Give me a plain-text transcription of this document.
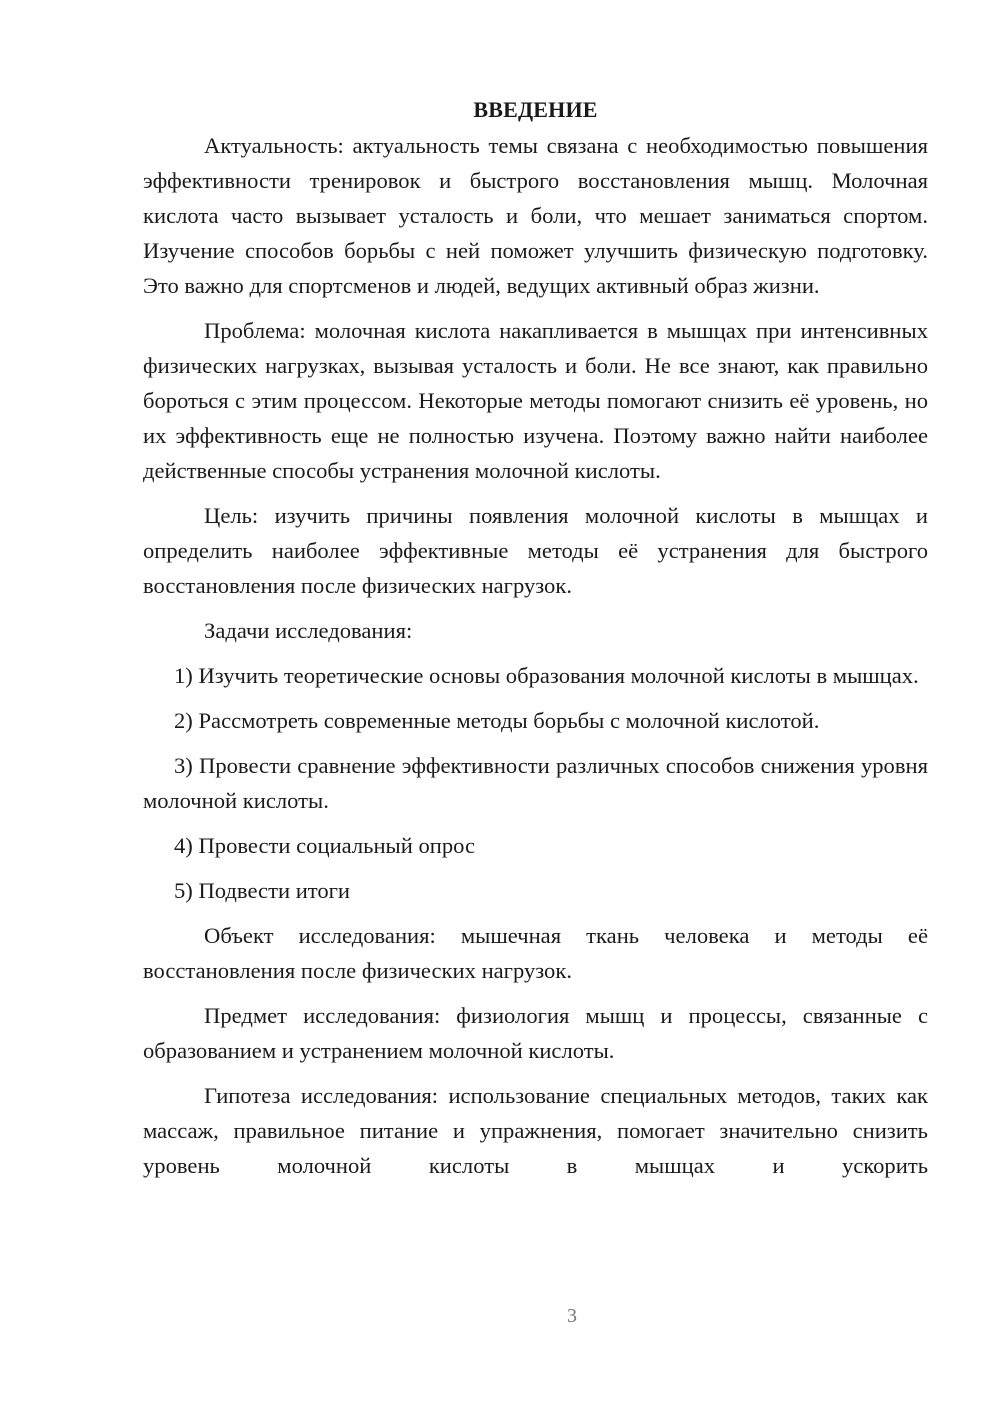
ВВЕДЕНИЕ

Актуальность: актуальность темы связана с необходимостью повышения эффективности тренировок и быстрого восстановления мышц. Молочная кислота часто вызывает усталость и боли, что мешает заниматься спортом. Изучение способов борьбы с ней поможет улучшить физическую подготовку. Это важно для спортсменов и людей, ведущих активный образ жизни.

Проблема: молочная кислота накапливается в мышцах при интенсивных физических нагрузках, вызывая усталость и боли. Не все знают, как правильно бороться с этим процессом. Некоторые методы помогают снизить её уровень, но их эффективность еще не полностью изучена. Поэтому важно найти наиболее действенные способы устранения молочной кислоты.

Цель: изучить причины появления молочной кислоты в мышцах и определить наиболее эффективные методы её устранения для быстрого восстановления после физических нагрузок.

Задачи исследования:

1) Изучить теоретические основы образования молочной кислоты в мышцах.

2) Рассмотреть современные методы борьбы с молочной кислотой.

3) Провести сравнение эффективности различных способов снижения уровня молочной кислоты.

4) Провести социальный опрос

5) Подвести итоги

Объект исследования: мышечная ткань человека и методы её восстановления после физических нагрузок.

Предмет исследования: физиология мышц и процессы, связанные с образованием и устранением молочной кислоты.

Гипотеза исследования: использование специальных методов, таких как массаж, правильное питание и упражнения, помогает значительно снизить уровень молочной кислоты в мышцах и ускорить

3
